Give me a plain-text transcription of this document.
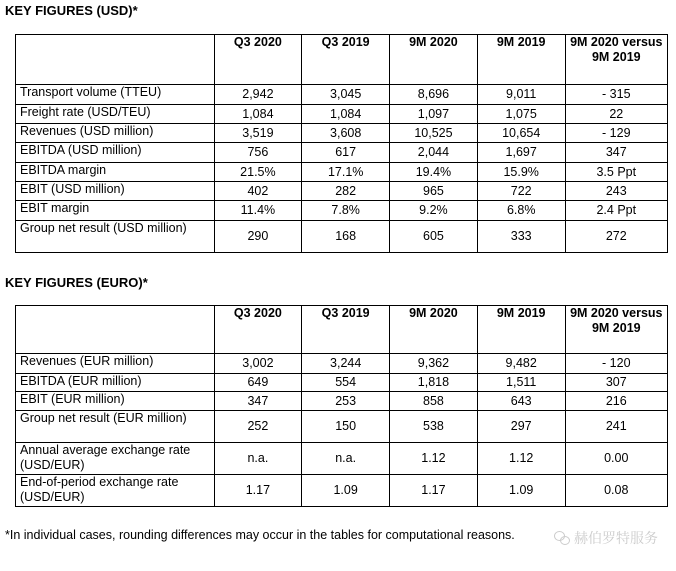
KEY FIGURES (USD)*
	Q3 2020	Q3 2019	9M 2020	9M 2019	9M 2020 versus 9M 2019
Transport volume (TTEU)	2,942	3,045	8,696	9,011	- 315
Freight rate (USD/TEU)	1,084	1,084	1,097	1,075	22
Revenues (USD million)	3,519	3,608	10,525	10,654	- 129
EBITDA (USD million)	756	617	2,044	1,697	347
EBITDA margin	21.5%	17.1%	19.4%	15.9%	3.5 Ppt
EBIT (USD million)	402	282	965	722	243
EBIT margin	11.4%	7.8%	9.2%	6.8%	2.4 Ppt
Group net result (USD million)	290	168	605	333	272
KEY FIGURES (EURO)*
	Q3 2020	Q3 2019	9M 2020	9M 2019	9M 2020 versus 9M 2019
Revenues (EUR million)	3,002	3,244	9,362	9,482	- 120
EBITDA (EUR million)	649	554	1,818	1,511	307
EBIT (EUR million)	347	253	858	643	216
Group net result (EUR million)	252	150	538	297	241
Annual average exchange rate (USD/EUR)	n.a.	n.a.	1.12	1.12	0.00
End-of-period exchange rate (USD/EUR)	1.17	1.09	1.17	1.09	0.08
*In individual cases, rounding differences may occur in the tables for computational reasons.	赫伯罗特服务
